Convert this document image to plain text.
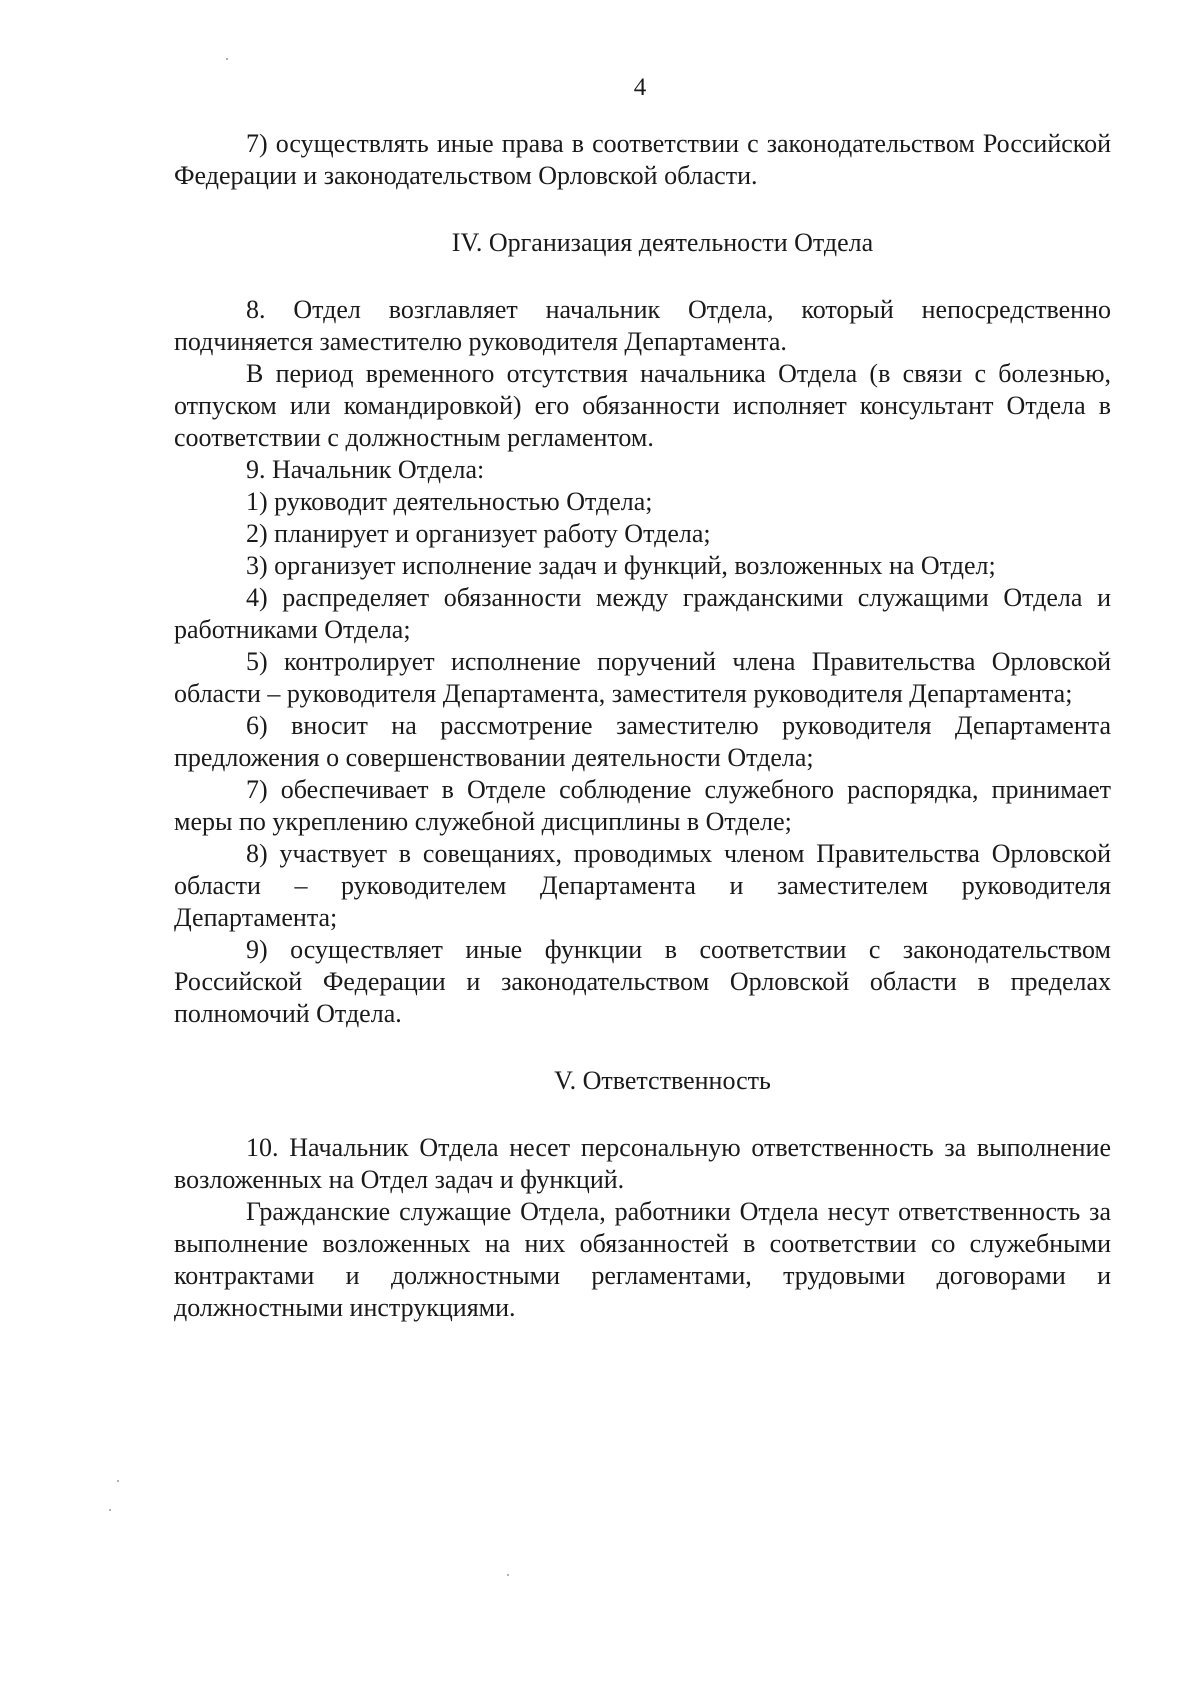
4

7) осуществлять иные права в соответствии с законодательством Российской Федерации и законодательством Орловской области.

IV. Организация деятельности Отдела

8. Отдел возглавляет начальник Отдела, который непосредственно подчиняется заместителю руководителя Департамента.

В период временного отсутствия начальника Отдела (в связи с болезнью, отпуском или командировкой) его обязанности исполняет консультант Отдела в соответствии с должностным регламентом.

9. Начальник Отдела:

1) руководит деятельностью Отдела;

2) планирует и организует работу Отдела;

3) организует исполнение задач и функций, возложенных на Отдел;

4) распределяет обязанности между гражданскими служащими Отдела и работниками Отдела;

5) контролирует исполнение поручений члена Правительства Орловской области – руководителя Департамента, заместителя руководителя Департамента;

6) вносит на рассмотрение заместителю руководителя Департамента предложения о совершенствовании деятельности Отдела;

7) обеспечивает в Отделе соблюдение служебного распорядка, принимает меры по укреплению служебной дисциплины в Отделе;

8) участвует в совещаниях, проводимых членом Правительства Орловской области – руководителем Департамента и заместителем руководителя Департамента;

9) осуществляет иные функции в соответствии с законодательством Российской Федерации и законодательством Орловской области в пределах полномочий Отдела.

V. Ответственность

10. Начальник Отдела несет персональную ответственность за выполнение возложенных на Отдел задач и функций.

Гражданские служащие Отдела, работники Отдела несут ответственность за выполнение возложенных на них обязанностей в соответствии со служебными контрактами и должностными регламентами, трудовыми договорами и должностными инструкциями.
